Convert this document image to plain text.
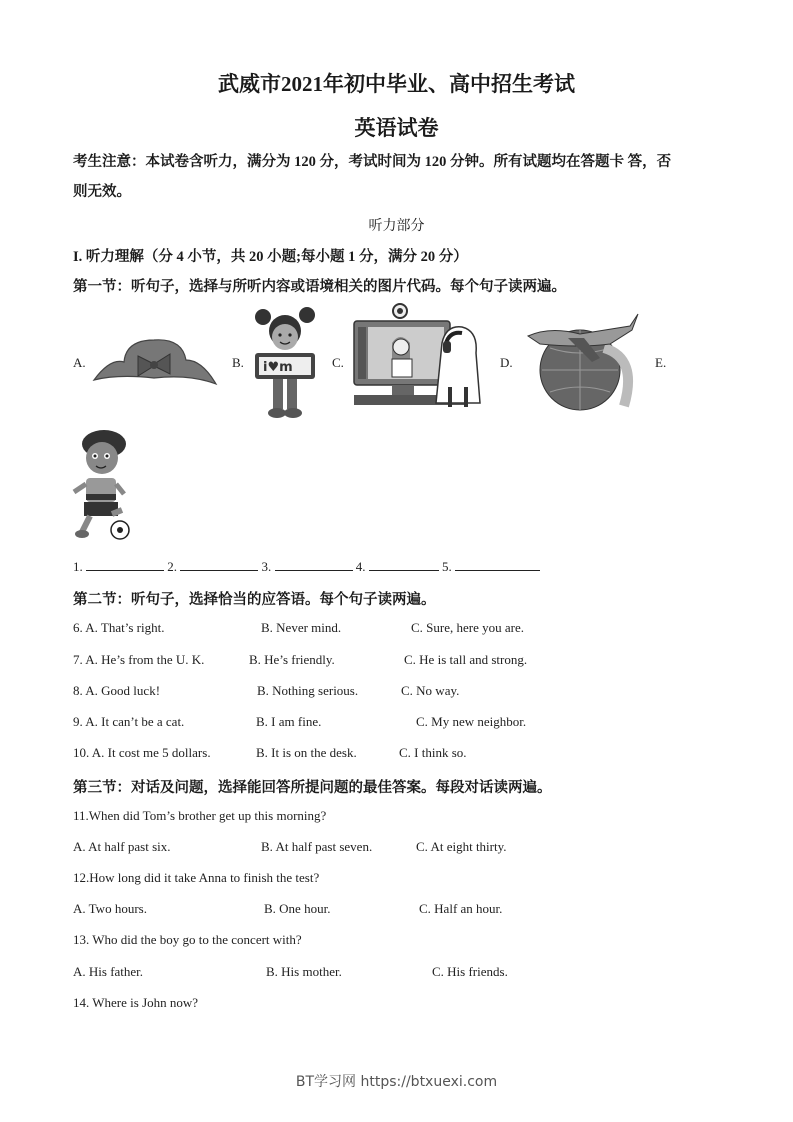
武威市2021年初中毕业、高中招生考试
英语试卷
考生注意：本试卷含听力，满分为 120 分，考试时间为 120 分钟。所有试题均在答题卡 答，否
则无效。
听力部分
I. 听力理解（分 4 小节，共 20 小题;每小题 1 分，满分 20 分）
第一节：听句子，选择与所听内容或语境相关的图片代码。每个句子读两遍。
A.	B. i♥m	C.	D.	E.
1.	2.	3.	4.	5.
第二节：听句子，选择恰当的应答语。每个句子读两遍。
6. A. That’s right.	B. Never mind.	C. Sure, here you are.
7. A. He’s from the U. K.	B. He’s friendly.	C. He is tall and strong.
8. A. Good luck!	B. Nothing serious.	C. No way.
9. A. It can’t be a cat.	B. I am fine.	C. My new neighbor.
10. A. It cost me 5 dollars.	B. It is on the desk.	C. I think so.
第三节：对话及问题，选择能回答所提问题的最佳答案。每段对话读两遍。
11.When did Tom’s brother get up this morning?
A. At half past six.	B. At half past seven.	C. At eight thirty.
12.How long did it take Anna to finish the test?
A. Two hours.	B. One hour.	C. Half an hour.
13. Who did the boy go to the concert with?
A. His father.	B. His mother.	C. His friends.
14. Where is John now?
BT学习网 https://btxuexi.com
